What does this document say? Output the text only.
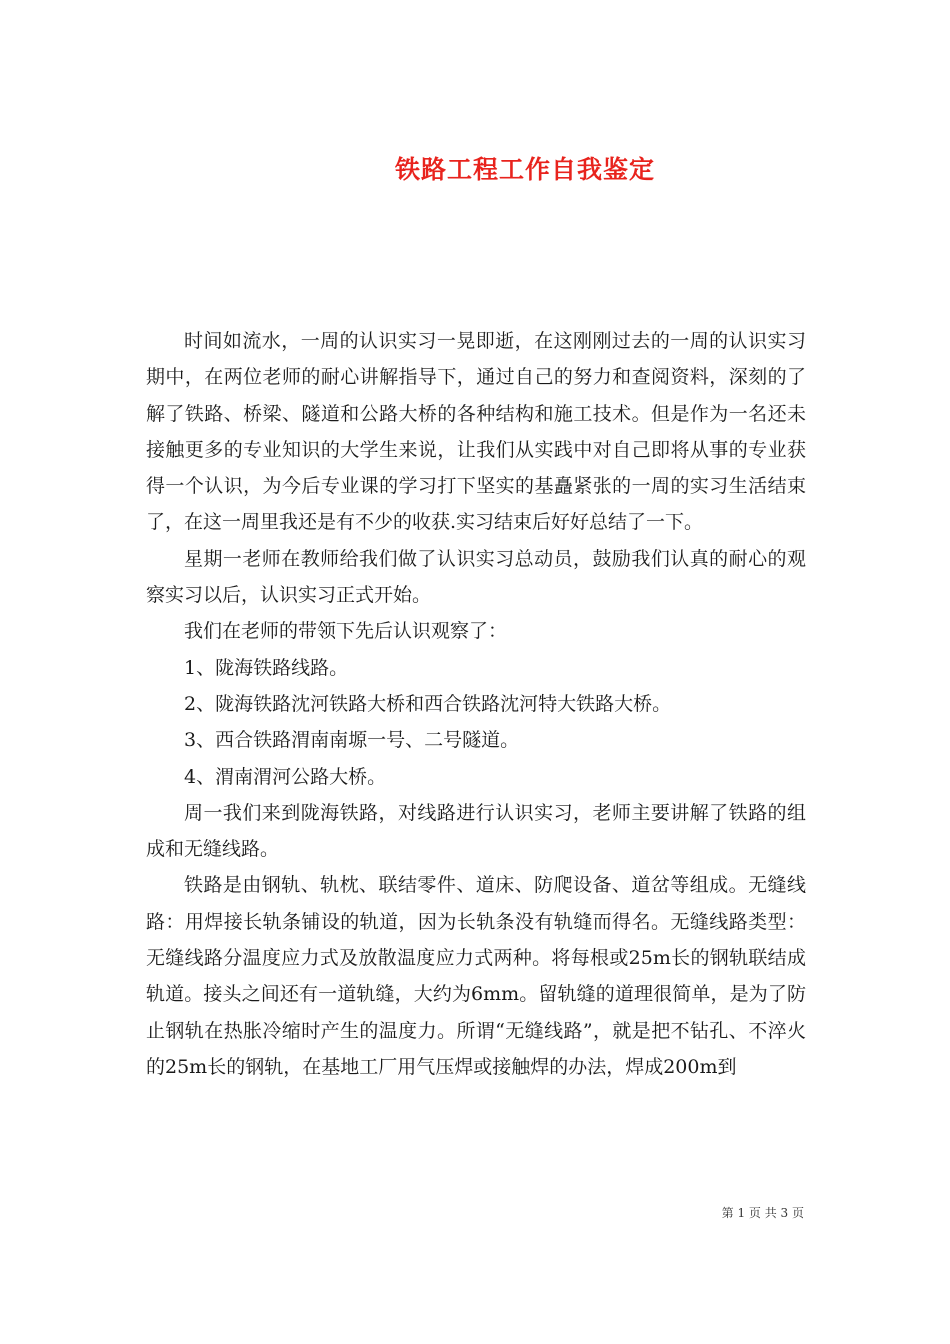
铁路工程工作自我鉴定

时间如流水，一周的认识实习一晃即逝，在这刚刚过去的一周的认识实习期中，在两位老师的耐心讲解指导下，通过自己的努力和查阅资料，深刻的了解了铁路、桥梁、隧道和公路大桥的各种结构和施工技术。但是作为一名还未接触更多的专业知识的大学生来说，让我们从实践中对自己即将从事的专业获得一个认识，为今后专业课的学习打下坚实的基矗紧张的一周的实习生活结束了，在这一周里我还是有不少的收获.实习结束后好好总结了一下。

星期一老师在教师给我们做了认识实习总动员，鼓励我们认真的耐心的观察实习以后，认识实习正式开始。

我们在老师的带领下先后认识观察了：

1、陇海铁路线路。

2、陇海铁路沈河铁路大桥和西合铁路沈河特大铁路大桥。

3、西合铁路渭南南塬一号、二号隧道。

4、渭南渭河公路大桥。

周一我们来到陇海铁路，对线路进行认识实习，老师主要讲解了铁路的组成和无缝线路。

铁路是由钢轨、轨枕、联结零件、道床、防爬设备、道岔等组成。无缝线路：用焊接长轨条铺设的轨道，因为长轨条没有轨缝而得名。无缝线路类型：无缝线路分温度应力式及放散温度应力式两种。将每根或25m长的钢轨联结成轨道。接头之间还有一道轨缝，大约为6mm。留轨缝的道理很简单，是为了防止钢轨在热胀冷缩时产生的温度力。所谓“无缝线路”，就是把不钻孔、不淬火的25m长的钢轨，在基地工厂用气压焊或接触焊的办法，焊成200m到

第 1 页 共 3 页
